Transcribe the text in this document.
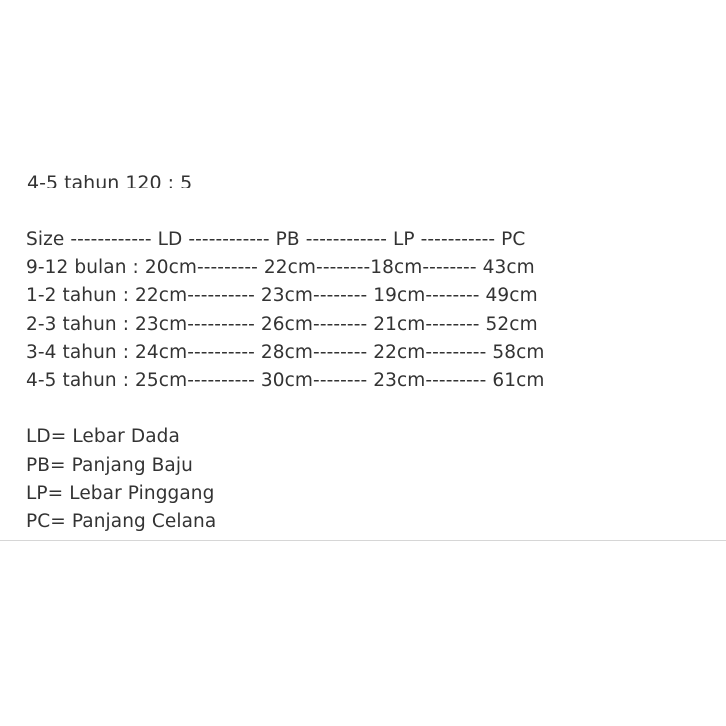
4-5 tahun 120 : 5
Size ------------ LD ------------ PB ------------ LP ----------- PC
9-12 bulan : 20cm--------- 22cm--------18cm-------- 43cm
1-2 tahun : 22cm---------- 23cm-------- 19cm-------- 49cm
2-3 tahun : 23cm---------- 26cm-------- 21cm-------- 52cm
3-4 tahun : 24cm---------- 28cm-------- 22cm--------- 58cm
4-5 tahun : 25cm---------- 30cm-------- 23cm--------- 61cm
LD= Lebar Dada
PB= Panjang Baju
LP= Lebar Pinggang
PC= Panjang Celana
